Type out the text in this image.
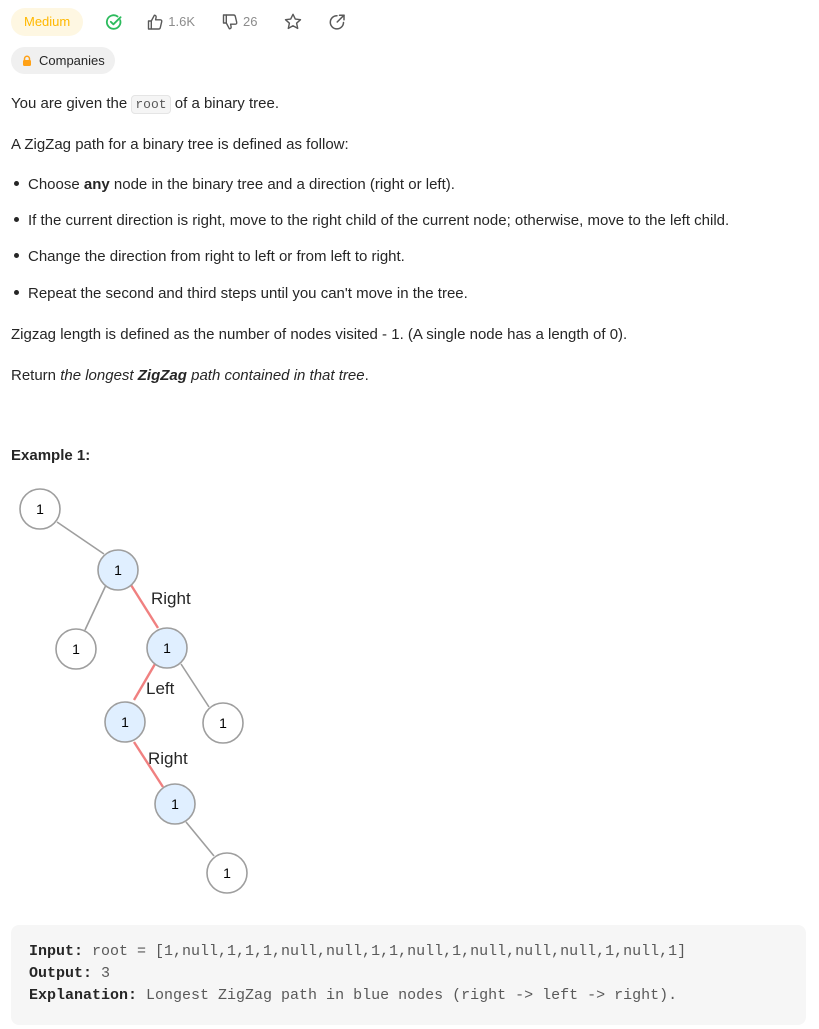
Medium	1.6K	26
Companies

You are given the root of a binary tree.

A ZigZag path for a binary tree is defined as follow:

Choose any node in the binary tree and a direction (right or left).
If the current direction is right, move to the right child of the current node; otherwise, move to the left child.
Change the direction from right to left or from left to right.
Repeat the second and third steps until you can't move in the tree.

Zigzag length is defined as the number of nodes visited - 1. (A single node has a length of 0).

Return the longest ZigZag path contained in that tree.

Example 1:
Right
Left
Right
1
1
1	1
1	1
1
1
Input: root = [1,null,1,1,1,null,null,1,1,null,1,null,null,null,1,null,1]
Output: 3
Explanation: Longest ZigZag path in blue nodes (right -> left -> right).
